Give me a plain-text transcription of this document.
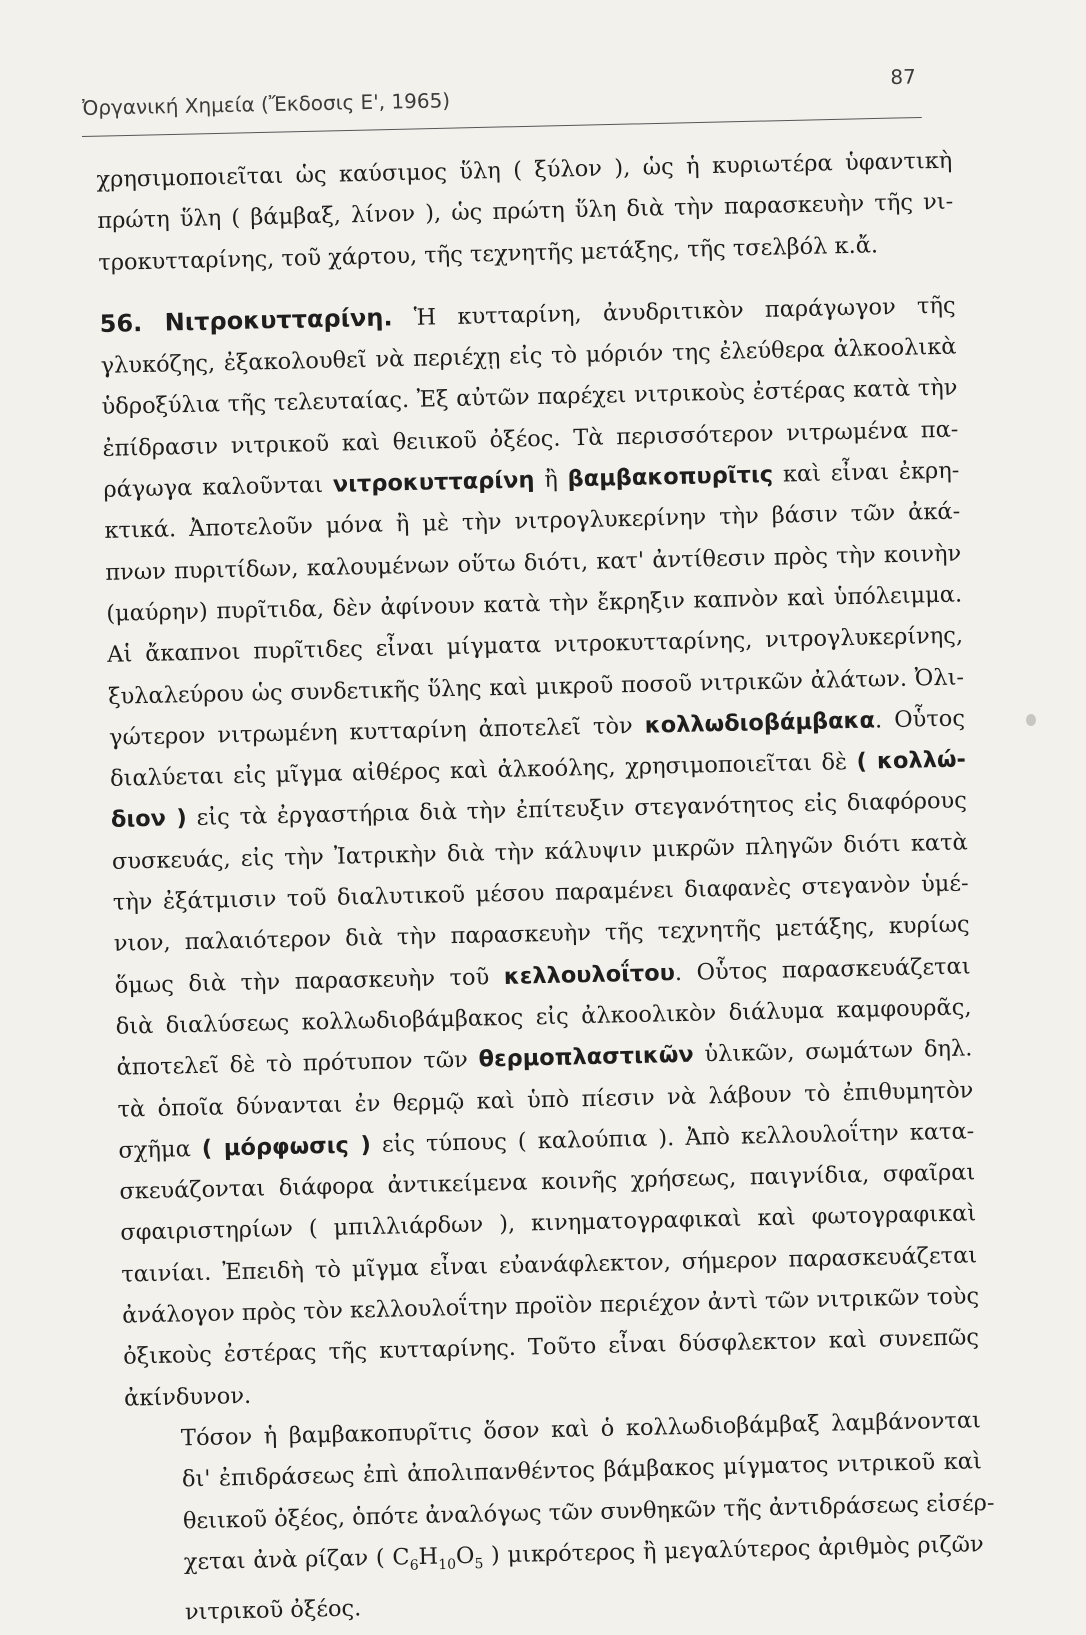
Ὀργανική Χημεία (Ἔκδοσις Ε', 1965)
87

χρησιμοποιεῖται ὡς καύσιμος ὕλη ( ξύλον ), ὡς ἡ κυριωτέρα ὑφαντικὴ
πρώτη ὕλη ( βάμβαξ, λίνον ), ὡς πρώτη ὕλη διὰ τὴν παρασκευὴν τῆς νι-
τροκυτταρίνης, τοῦ χάρτου, τῆς τεχνητῆς μετάξης, τῆς τσελβόλ κ.ἄ.

56. Νιτροκυτταρίνη. Ἡ κυτταρίνη, ἀνυδριτικὸν παράγωγον τῆς
γλυκόζης, ἐξακολουθεῖ νὰ περιέχῃ εἰς τὸ μόριόν της ἐλεύθερα ἀλκοολικὰ
ὑδροξύλια τῆς τελευταίας. Ἐξ αὐτῶν παρέχει νιτρικοὺς ἐστέρας κατὰ τὴν
ἐπίδρασιν νιτρικοῦ καὶ θειικοῦ ὀξέος. Τὰ περισσότερον νιτρωμένα πα-
ράγωγα καλοῦνται νιτροκυτταρίνη ἢ βαμβακοπυρῖτις καὶ εἶναι ἐκρη-
κτικά. Ἀποτελοῦν μόνα ἢ μὲ τὴν νιτρογλυκερίνην τὴν βάσιν τῶν ἀκά-
πνων πυριτίδων, καλουμένων οὕτω διότι, κατ' ἀντίθεσιν πρὸς τὴν κοινὴν
(μαύρην) πυρῖτιδα, δὲν ἀφίνουν κατὰ τὴν ἔκρηξιν καπνὸν καὶ ὑπόλειμμα.
Αἱ ἄκαπνοι πυρῖτιδες εἶναι μίγματα νιτροκυτταρίνης, νιτρογλυκερίνης,
ξυλαλεύρου ὡς συνδετικῆς ὕλης καὶ μικροῦ ποσοῦ νιτρικῶν ἀλάτων. Ὀλι-
γώτερον νιτρωμένη κυτταρίνη ἀποτελεῖ τὸν κολλωδιοβάμβακα. Οὗτος
διαλύεται εἰς μῖγμα αἰθέρος καὶ ἀλκοόλης, χρησιμοποιεῖται δὲ ( κολλώ-
διον ) εἰς τὰ ἐργαστήρια διὰ τὴν ἐπίτευξιν στεγανότητος εἰς διαφόρους
συσκευάς, εἰς τὴν Ἰατρικὴν διὰ τὴν κάλυψιν μικρῶν πληγῶν διότι κατὰ
τὴν ἐξάτμισιν τοῦ διαλυτικοῦ μέσου παραμένει διαφανὲς στεγανὸν ὑμέ-
νιον, παλαιότερον διὰ τὴν παρασκευὴν τῆς τεχνητῆς μετάξης, κυρίως
ὅμως διὰ τὴν παρασκευὴν τοῦ κελλουλοΐτου. Οὗτος παρασκευάζεται
διὰ διαλύσεως κολλωδιοβάμβακος εἰς ἀλκοολικὸν διάλυμα καμφουρᾶς,
ἀποτελεῖ δὲ τὸ πρότυπον τῶν θερμοπλαστικῶν ὑλικῶν, σωμάτων δηλ.
τὰ ὁποῖα δύνανται ἐν θερμῷ καὶ ὑπὸ πίεσιν νὰ λάβουν τὸ ἐπιθυμητὸν
σχῆμα ( μόρφωσις ) εἰς τύπους ( καλούπια ). Ἀπὸ κελλουλοΐτην κατα-
σκευάζονται διάφορα ἀντικείμενα κοινῆς χρήσεως, παιγνίδια, σφαῖραι
σφαιριστηρίων ( μπιλλιάρδων ), κινηματογραφικαὶ καὶ φωτογραφικαὶ
ταινίαι. Ἐπειδὴ τὸ μῖγμα εἶναι εὐανάφλεκτον, σήμερον παρασκευάζεται
ἀνάλογον πρὸς τὸν κελλουλοΐτην προϊὸν περιέχον ἀντὶ τῶν νιτρικῶν τοὺς
ὀξικοὺς ἐστέρας τῆς κυτταρίνης. Τοῦτο εἶναι δύσφλεκτον καὶ συνεπῶς
ἀκίνδυνον.

Τόσον ἡ βαμβακοπυρῖτις ὅσον καὶ ὁ κολλωδιοβάμβαξ λαμβάνονται
δι' ἐπιδράσεως ἐπὶ ἀπολιπανθέντος βάμβακος μίγματος νιτρικοῦ καὶ
θειικοῦ ὀξέος, ὁπότε ἀναλόγως τῶν συνθηκῶν τῆς ἀντιδράσεως εἰσέρ-
χεται ἀνὰ ρίζαν ( $C_6H_{10}O_5$ ) μικρότερος ἢ μεγαλύτερος ἀριθμὸς ριζῶν
νιτρικοῦ ὀξέος.
